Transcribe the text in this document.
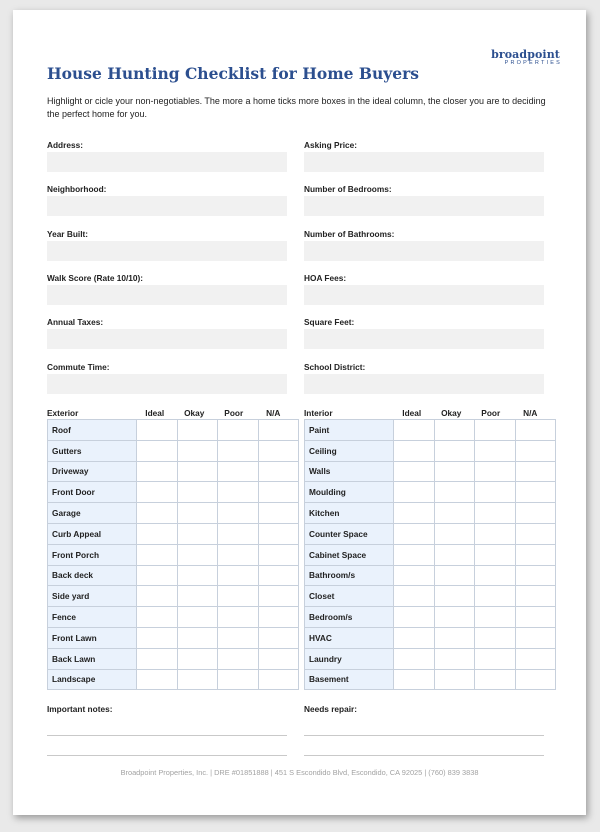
broadpoint
PROPERTIES
House Hunting Checklist for Home Buyers
Highlight or cicle your non-negotiables. The more a home ticks more boxes in the ideal column, the closer you are to deciding the perfect home for you.
Address:
Neighborhood:
Year Built:
Walk Score (Rate 10/10):
Annual Taxes:
Commute Time:
Asking Price:
Number of Bedrooms:
Number of Bathrooms:
HOA Fees:
Square Feet:
School District:
Exterior	Ideal	Okay	Poor	N/A
Roof				
Gutters				
Driveway				
Front Door				
Garage				
Curb Appeal				
Front Porch				
Back deck				
Side yard				
Fence				
Front Lawn				
Back Lawn				
Landscape				
Interior	Ideal	Okay	Poor	N/A
Paint				
Ceiling				
Walls				
Moulding				
Kitchen				
Counter Space				
Cabinet Space				
Bathroom/s				
Closet				
Bedroom/s				
HVAC				
Laundry				
Basement				
Important notes:	Needs repair:
Broadpoint Properties, Inc. | DRE #01851888 | 451 S Escondido Blvd, Escondido, CA 92025 | (760) 839 3838
